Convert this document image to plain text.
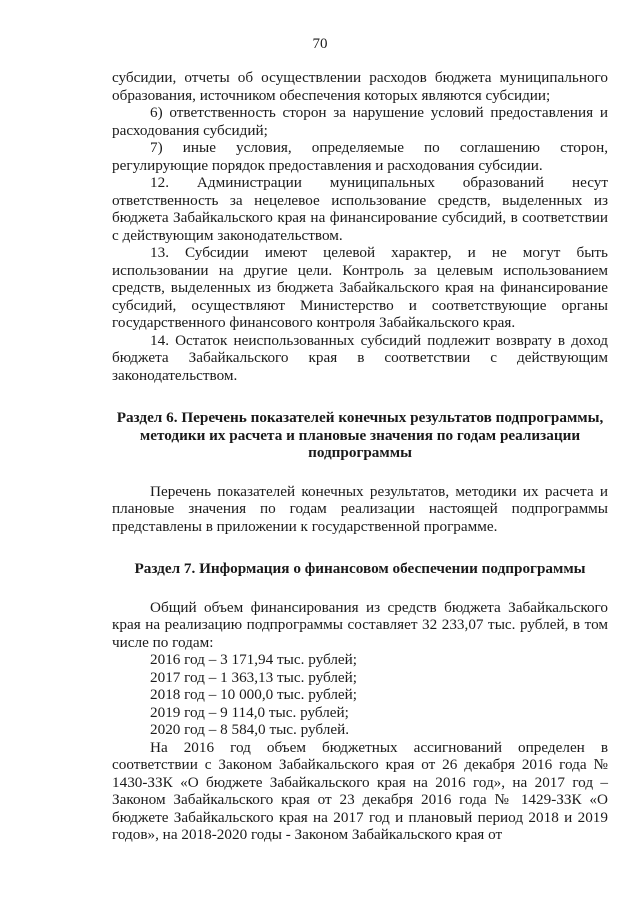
70

субсидии, отчеты об осуществлении расходов бюджета муниципального образования, источником обеспечения которых являются субсидии;

6) ответственность сторон за нарушение условий предоставления и расходования субсидий;

7) иные условия, определяемые по соглашению сторон, регулирующие порядок предоставления и расходования субсидии.

12. Администрации муниципальных образований несут ответственность за нецелевое использование средств, выделенных из бюджета Забайкальского края на финансирование субсидий, в соответствии с действующим законодательством.

13. Субсидии имеют целевой характер, и не могут быть использовании на другие цели. Контроль за целевым использованием средств, выделенных из бюджета Забайкальского края на финансирование субсидий, осуществляют Министерство и соответствующие органы государственного финансового контроля Забайкальского края.

14. Остаток неиспользованных субсидий подлежит возврату в доход бюджета Забайкальского края в соответствии с действующим законодательством.

Раздел 6. Перечень показателей конечных результатов подпрограммы, методики их расчета и плановые значения по годам реализации подпрограммы

Перечень показателей конечных результатов, методики их расчета и плановые значения по годам реализации настоящей подпрограммы представлены в приложении к государственной программе.

Раздел 7. Информация о финансовом обеспечении подпрограммы

Общий объем финансирования из средств бюджета Забайкальского края на реализацию подпрограммы составляет 32 233,07 тыс. рублей, в том числе по годам:

2016 год – 3 171,94 тыс. рублей;

2017 год – 1 363,13 тыс. рублей;

2018 год – 10 000,0 тыс. рублей;

2019 год – 9 114,0 тыс. рублей;

2020 год – 8 584,0 тыс. рублей.

На 2016 год объем бюджетных ассигнований определен в соответствии с Законом Забайкальского края от 26 декабря 2016 года № 1430-ЗЗК «О бюджете Забайкальского края на 2016 год», на 2017 год – Законом Забайкальского края от 23 декабря 2016 года № 1429-ЗЗК «О бюджете Забайкальского края на 2017 год и плановый период 2018 и 2019 годов», на 2018-2020 годы - Законом Забайкальского края от
